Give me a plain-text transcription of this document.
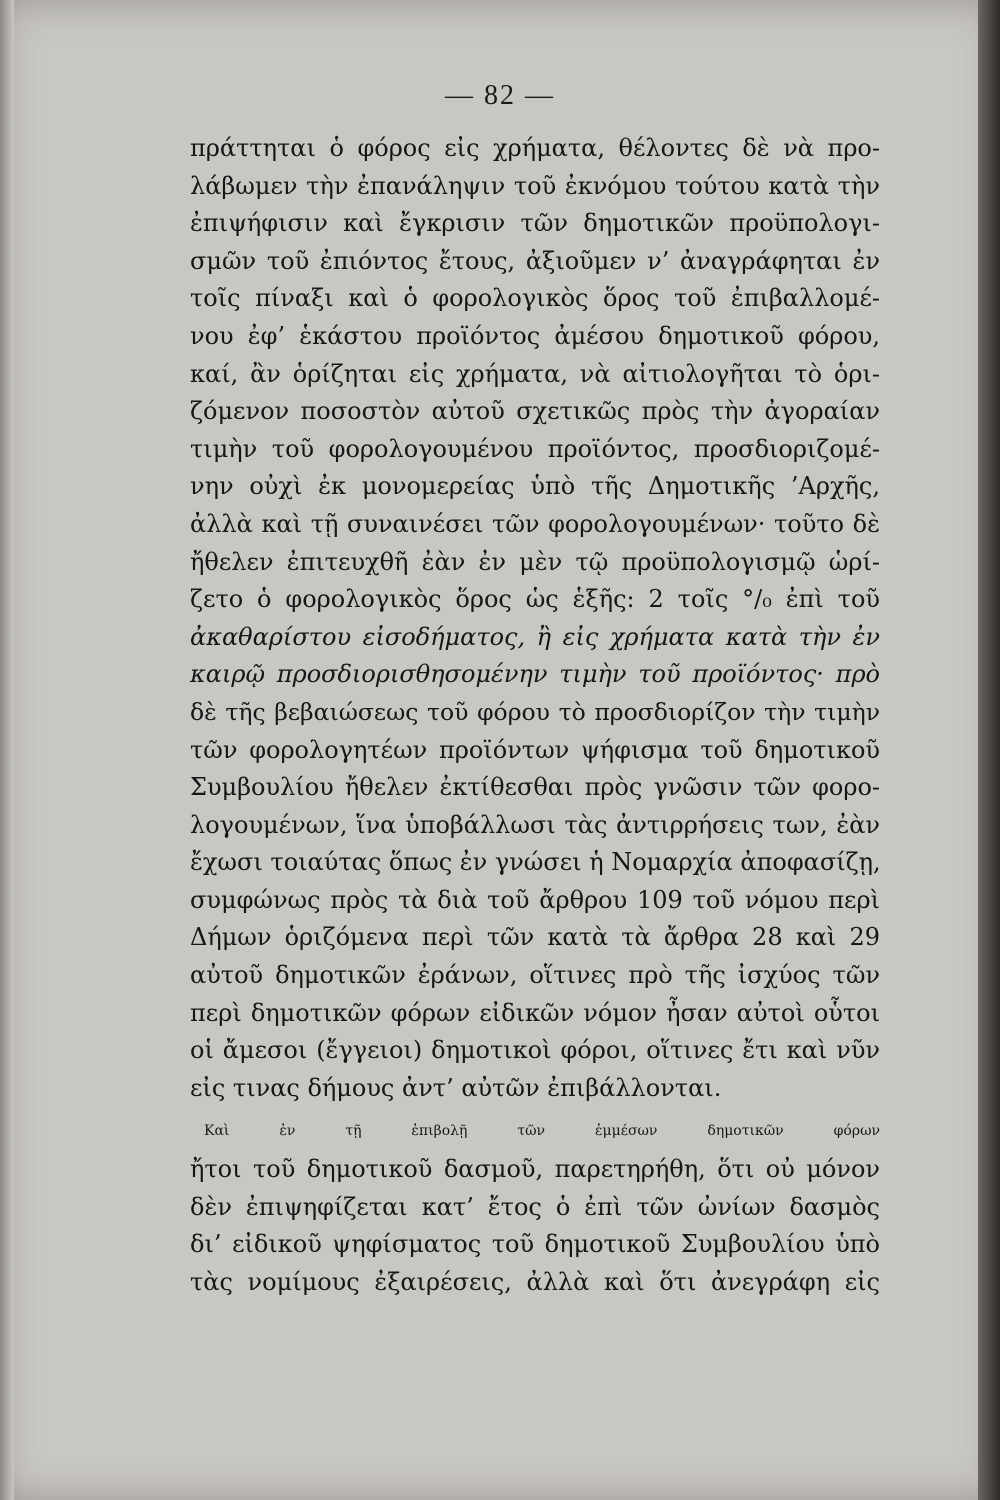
— 82 —
πράττηται ὁ φόρος εἰς χρήματα, θέλοντες δὲ νὰ προ-
λάβωμεν τὴν ἐπανάληψιν τοῦ ἐκνόμου τούτου κατὰ τὴν
ἐπιψήφισιν καὶ ἔγκρισιν τῶν δημοτικῶν προϋπολογι-
σμῶν τοῦ ἐπιόντος ἔτους, ἀξιοῦμεν ν’ ἀναγράφηται ἐν
τοῖς πίναξι καὶ ὁ φορολογικὸς ὅρος τοῦ ἐπιβαλλομέ-
νου ἐφ’ ἑκάστου προϊόντος ἀμέσου δημοτικοῦ φόρου,
καί, ἂν ὁρίζηται εἰς χρήματα, νὰ αἰτιολογῆται τὸ ὁρι-
ζόμενον ποσοστὸν αὐτοῦ σχετικῶς πρὸς τὴν ἀγοραίαν
τιμὴν τοῦ φορολογουμένου προϊόντος, προσδιοριζομέ-
νην οὐχὶ ἐκ μονομερείας ὑπὸ τῆς Δημοτικῆς ’Αρχῆς,
ἀλλὰ καὶ τῇ συναινέσει τῶν φορολογουμένων· τοῦτο δὲ
ἤθελεν ἐπιτευχθῆ ἐὰν ἐν μὲν τῷ προϋπολογισμῷ ὡρί-
ζετο ὁ φορολογικὸς ὅρος ὡς ἑξῆς: 2 τοῖς °/₀ ἐπὶ τοῦ
ἀκαθαρίστου εἰσοδήματος, ἢ εἰς χρήματα κατὰ τὴν ἐν
καιρῷ προσδιορισθησομένην τιμὴν τοῦ προϊόντος· πρὸ
δὲ τῆς βεβαιώσεως τοῦ φόρου τὸ προσδιορίζον τὴν τιμὴν
τῶν φορολογητέων προϊόντων ψήφισμα τοῦ δημοτικοῦ
Συμβουλίου ἤθελεν ἐκτίθεσθαι πρὸς γνῶσιν τῶν φορο-
λογουμένων, ἵνα ὑποβάλλωσι τὰς ἀντιρρήσεις των, ἐὰν
ἔχωσι τοιαύτας ὅπως ἐν γνώσει ἡ Νομαρχία ἀποφασίζῃ,
συμφώνως πρὸς τὰ διὰ τοῦ ἄρθρου 109 τοῦ νόμου περὶ
Δήμων ὁριζόμενα περὶ τῶν κατὰ τὰ ἄρθρα 28 καὶ 29
αὐτοῦ δημοτικῶν ἐράνων, οἵτινες πρὸ τῆς ἰσχύος τῶν
περὶ δημοτικῶν φόρων εἰδικῶν νόμον ἦσαν αὐτοὶ οὗτοι
οἱ ἄμεσοι (ἔγγειοι) δημοτικοὶ φόροι, οἵτινες ἔτι καὶ νῦν
εἰς τινας δήμους ἀντ’ αὐτῶν ἐπιβάλλονται.
Καὶ ἐν τῇ ἐπιβολῇ τῶν ἐμμέσων δημοτικῶν φόρων
ἤτοι τοῦ δημοτικοῦ δασμοῦ, παρετηρήθη, ὅτι οὐ μόνον
δὲν ἐπιψηφίζεται κατ’ ἔτος ὁ ἐπὶ τῶν ὠνίων δασμὸς
δι’ εἰδικοῦ ψηφίσματος τοῦ δημοτικοῦ Συμβουλίου ὑπὸ
τὰς νομίμους ἐξαιρέσεις, ἀλλὰ καὶ ὅτι ἀνεγράφη εἰς
